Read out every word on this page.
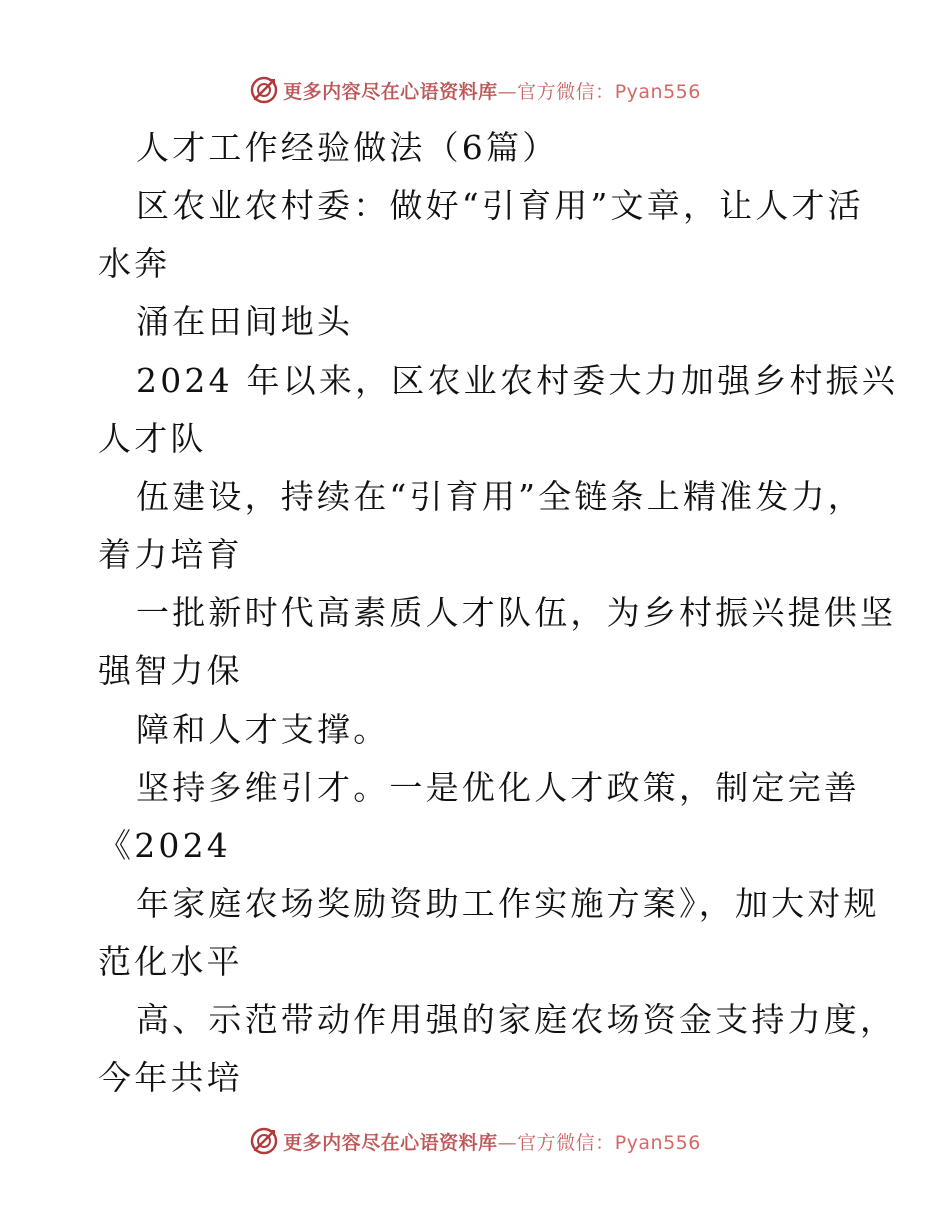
更多内容尽在心语资料库—官方微信：Pyan556
人才工作经验做法（6篇）
区农业农村委：做好“引育用”文章，让人才活
水奔
涌在田间地头
2024 年以来，区农业农村委大力加强乡村振兴
人才队
伍建设，持续在“引育用”全链条上精准发力，
着力培育
一批新时代高素质人才队伍，为乡村振兴提供坚
强智力保
障和人才支撑。
坚持多维引才。一是优化人才政策，制定完善
《2024
年家庭农场奖励资助工作实施方案》，加大对规
范化水平
高、示范带动作用强的家庭农场资金支持力度，
今年共培
更多内容尽在心语资料库—官方微信：Pyan556
